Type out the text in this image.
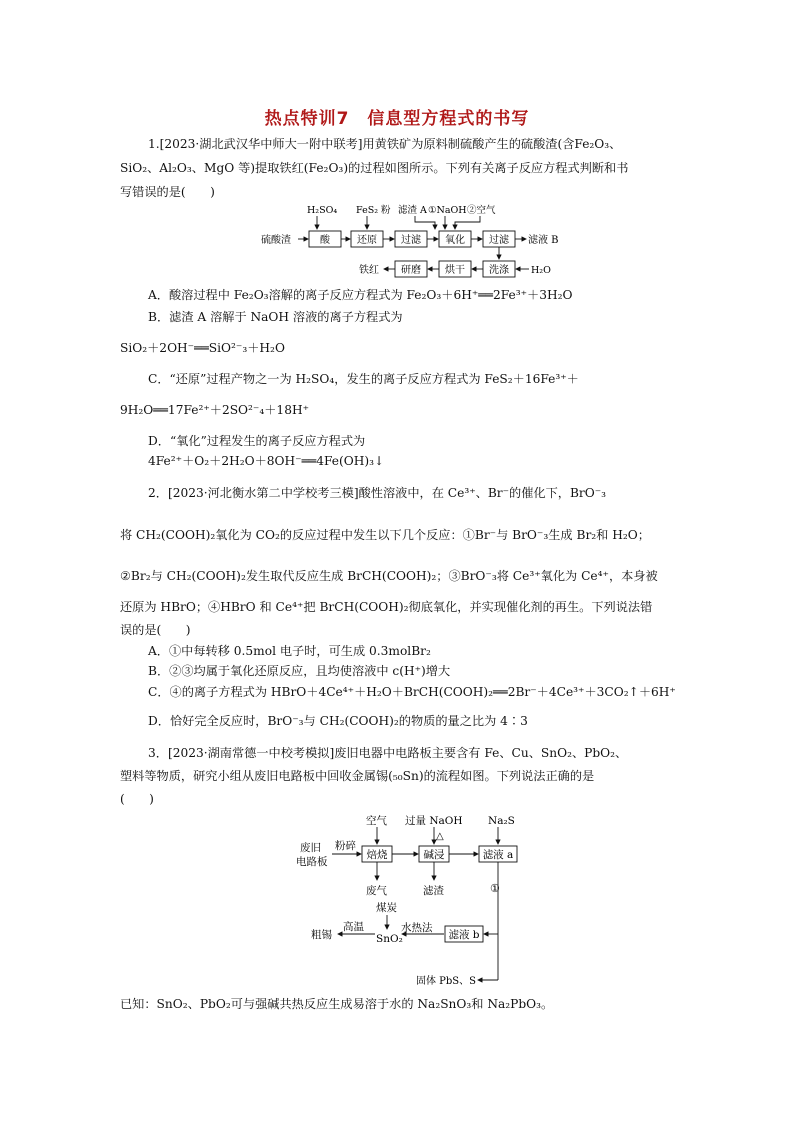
热点特训7　信息型方程式的书写
1.[2023·湖北武汉华中师大一附中联考]用黄铁矿为原料制硫酸产生的硫酸渣(含Fe₂O₃、
SiO₂、Al₂O₃、MgO 等)提取铁红(Fe₂O₃)的过程如图所示。下列有关离子反应方程式判断和书
写错误的是(　　)
H₂SO₄ FeS₂ 粉 滤渣 A ①NaOH ②空气
硫酸渣	酸	还原 过滤 氧化 过滤 滤液 B
H₂O
洗涤
烘干
研磨
铁红
A．酸溶过程中 Fe₂O₃溶解的离子反应方程式为 Fe₂O₃＋6H⁺══2Fe³⁺＋3H₂O
B．滤渣 A 溶解于 NaOH 溶液的离子方程式为
SiO₂＋2OH⁻══SiO²⁻₃＋H₂O
C．“还原”过程产物之一为 H₂SO₄，发生的离子反应方程式为 FeS₂＋16Fe³⁺＋
9H₂O══17Fe²⁺＋2SO²⁻₄＋18H⁺
D．“氧化”过程发生的离子反应方程式为
4Fe²⁺＋O₂＋2H₂O＋8OH⁻══4Fe(OH)₃↓
2．[2023·河北衡水第二中学校考三模]酸性溶液中，在 Ce³⁺、Br⁻的催化下，BrO⁻₃
将 CH₂(COOH)₂氧化为 CO₂的反应过程中发生以下几个反应：①Br⁻与 BrO⁻₃生成 Br₂和 H₂O；
②Br₂与 CH₂(COOH)₂发生取代反应生成 BrCH(COOH)₂；③BrO⁻₃将 Ce³⁺氧化为 Ce⁴⁺，本身被
还原为 HBrO；④HBrO 和 Ce⁴⁺把 BrCH(COOH)₂彻底氧化，并实现催化剂的再生。下列说法错
误的是(　　)
A．①中每转移 0.5mol 电子时，可生成 0.3molBr₂
B．②③均属于氧化还原反应，且均使溶液中 c(H⁺)增大
C．④的离子方程式为 HBrO＋4Ce⁴⁺＋H₂O＋BrCH(COOH)₂══2Br⁻＋4Ce³⁺＋3CO₂↑＋6H⁺
D．恰好完全反应时，BrO⁻₃与 CH₂(COOH)₂的物质的量之比为 4∶3
3．[2023·湖南常德一中校考模拟]废旧电器中电路板主要含有 Fe、Cu、SnO₂、PbO₂、
塑料等物质，研究小组从废旧电路板中回收金属锡(₅₀Sn)的流程如图。下列说法正确的是
(　　)
空气 过量 NaOH
△
Na₂S
废旧
电路板
粉碎
焙烧	碱浸	滤液 a
废气	滤渣	①
固体 PbS、S
滤液 b
水热法
SnO₂
煤炭
高温
粗锡
已知：SnO₂、PbO₂可与强碱共热反应生成易溶于水的 Na₂SnO₃和 Na₂PbO₃。
